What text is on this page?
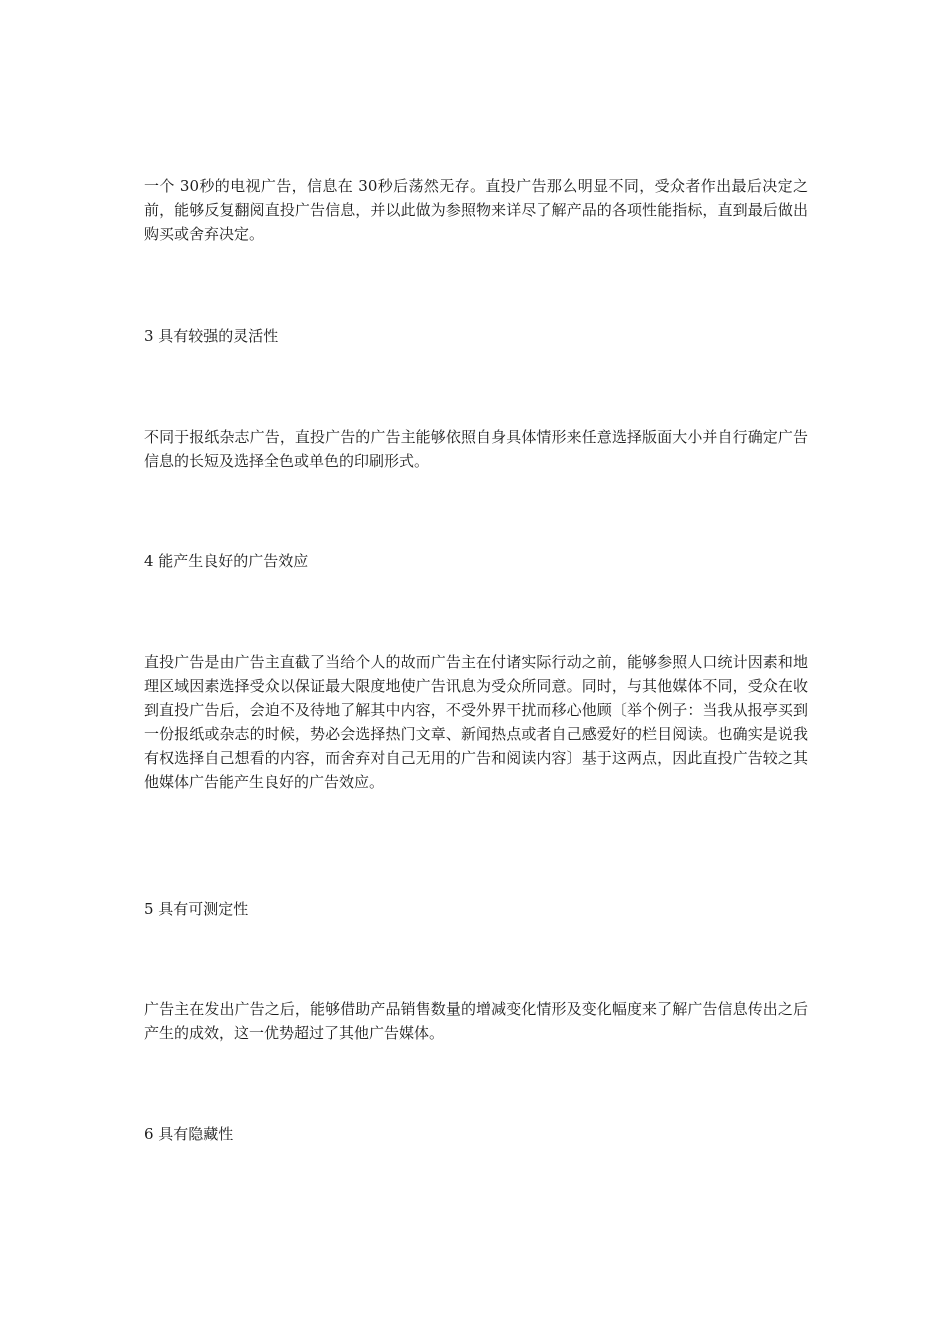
一个 30秒的电视广告，信息在 30秒后荡然无存。直投广告那么明显不同，受众者作出最后决定之前，能够反复翻阅直投广告信息，并以此做为参照物来详尽了解产品的各项性能指标，直到最后做出购买或舍弃决定。

3 具有较强的灵活性

不同于报纸杂志广告，直投广告的广告主能够依照自身具体情形来任意选择版面大小并自行确定广告信息的长短及选择全色或单色的印刷形式。

4 能产生良好的广告效应

直投广告是由广告主直截了当给个人的故而广告主在付诸实际行动之前，能够参照人口统计因素和地理区域因素选择受众以保证最大限度地使广告讯息为受众所同意。同时，与其他媒体不同，受众在收到直投广告后，会迫不及待地了解其中内容，不受外界干扰而移心他顾〔举个例子：当我从报亭买到一份报纸或杂志的时候，势必会选择热门文章、新闻热点或者自己感爱好的栏目阅读。也确实是说我有权选择自己想看的内容，而舍弃对自己无用的广告和阅读内容〕基于这两点，因此直投广告较之其他媒体广告能产生良好的广告效应。

5 具有可测定性

广告主在发出广告之后，能够借助产品销售数量的增减变化情形及变化幅度来了解广告信息传出之后产生的成效，这一优势超过了其他广告媒体。

6 具有隐藏性
